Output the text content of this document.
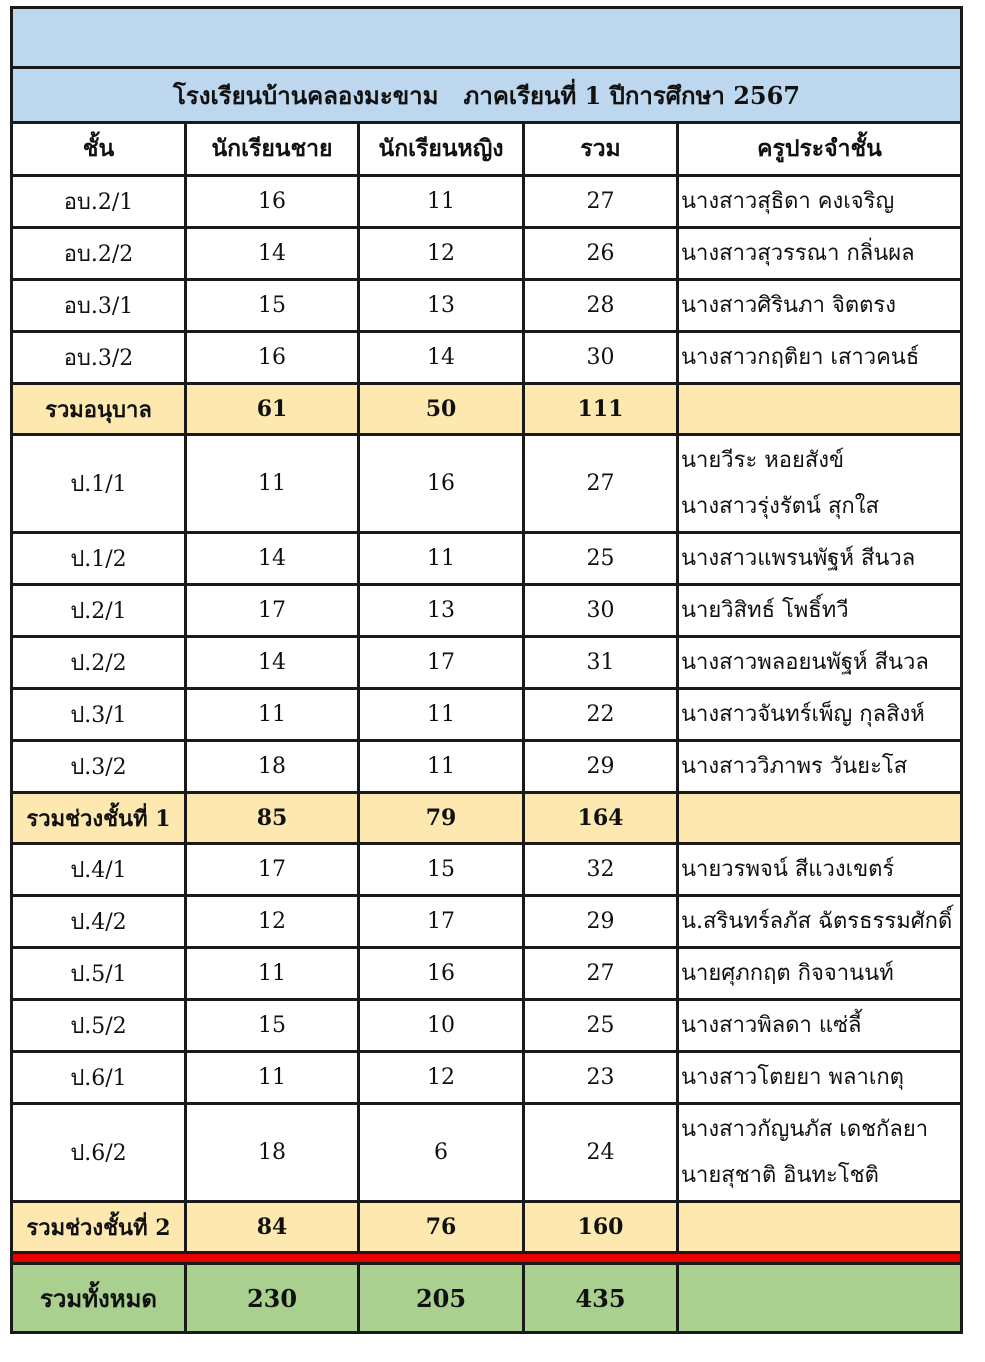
โรงเรียนบ้านคลองมะขาม   ภาคเรียนที่ 1 ปีการศึกษา 2567				
ชั้น	นักเรียนชาย	นักเรียนหญิง	รวม	ครูประจำชั้น
อบ.2/1	16	11	27	นางสาวสุธิดา คงเจริญ

อบ.2/2	14	12	26	นางสาวสุวรรณา กลิ่นผล

อบ.3/1	15	13	28	นางสาวศิรินภา จิตตรง

อบ.3/2	16	14	30	นางสาวกฤติยา เสาวคนธ์

รวมอนุบาล	61	50	111	
ป.1/1	11	16	27	นายวีระ หอยสังข์
นางสาวรุ่งรัตน์ สุกใส

ป.1/2	14	11	25	นางสาวแพรนพัฐห์ สีนวล

ป.2/1	17	13	30	นายวิสิทธ์ โพธิ์ทวี

ป.2/2	14	17	31	นางสาวพลอยนพัฐห์ สีนวล

ป.3/1	11	11	22	นางสาวจันทร์เพ็ญ กุลสิงห์

ป.3/2	18	11	29	นางสาววิภาพร วันยะโส

รวมช่วงชั้นที่ 1	85	79	164	
ป.4/1	17	15	32	นายวรพจน์ สีแวงเขตร์

ป.4/2	12	17	29	น.สรินทร์ลภัส ฉัตรธรรมศักดิ์

ป.5/1	11	16	27	นายศุภกฤต กิจจานนท์

ป.5/2	15	10	25	นางสาวพิลดา แซ่ลี้

ป.6/1	11	12	23	นางสาวโตยยา พลาเกตุ

ป.6/2	18	6	24	นางสาวกัญนภัส เดชกัลยา
นายสุชาติ อินทะโชติ

รวมช่วงชั้นที่ 2	84	76	160	

รวมทั้งหมด	230	205	435	
